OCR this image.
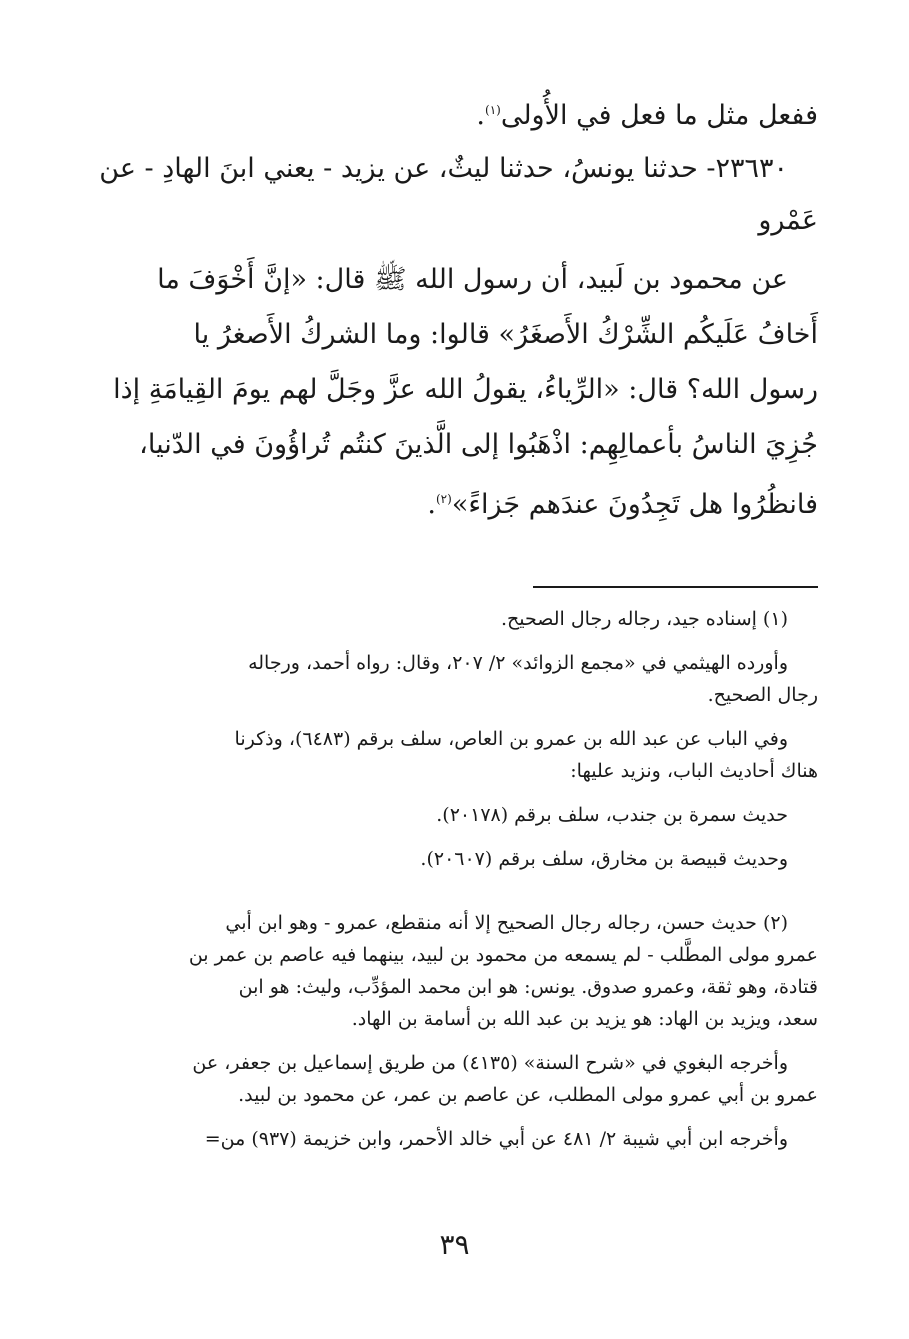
ففعل مثل ما فعل في الأُولى$^{(١)}$.
٢٣٦٣٠- حدثنا يونسُ، حدثنا ليثٌ، عن يزيد - يعني ابنَ الهادِ - عن
عَمْرو
عن محمود بن لَبيد، أن رسول الله ﷺ قال: «إنَّ أَخْوَفَ ما
أَخافُ عَلَيكُم الشِّرْكُ الأَصغَرُ» قالوا: وما الشركُ الأَصغرُ يا
رسول الله؟ قال: «الرِّياءُ، يقولُ الله عزَّ وجَلَّ لهم يومَ القِيامَةِ إذا
جُزِيَ الناسُ بأعمالِهِم: اذْهَبُوا إلى الَّذينَ كنتُم تُراؤُونَ في الدّنيا،
فانظُرُوا هل تَجِدُونَ عندَهم جَزاءً»$^{(٢)}$.
(١) إسناده جيد، رجاله رجال الصحيح.
وأورده الهيثمي في «مجمع الزوائد» ٢/ ٢٠٧، وقال: رواه أحمد، ورجاله
رجال الصحيح.
وفي الباب عن عبد الله بن عمرو بن العاص، سلف برقم (٦٤٨٣)، وذكرنا
هناك أحاديث الباب، ونزيد عليها:
حديث سمرة بن جندب، سلف برقم (٢٠١٧٨).
وحديث قبيصة بن مخارق، سلف برقم (٢٠٦٠٧).
(٢) حديث حسن، رجاله رجال الصحيح إلا أنه منقطع، عمرو - وهو ابن أبي
عمرو مولى المطَّلب - لم يسمعه من محمود بن لبيد، بينهما فيه عاصم بن عمر بن
قتادة، وهو ثقة، وعمرو صدوق. يونس: هو ابن محمد المؤدِّب، وليث: هو ابن
سعد، ويزيد بن الهاد: هو يزيد بن عبد الله بن أسامة بن الهاد.
وأخرجه البغوي في «شرح السنة» (٤١٣٥) من طريق إسماعيل بن جعفر، عن
عمرو بن أبي عمرو مولى المطلب، عن عاصم بن عمر، عن محمود بن لبيد.
وأخرجه ابن أبي شيبة ٢/ ٤٨١ عن أبي خالد الأحمر، وابن خزيمة (٩٣٧) من=
٣٩
